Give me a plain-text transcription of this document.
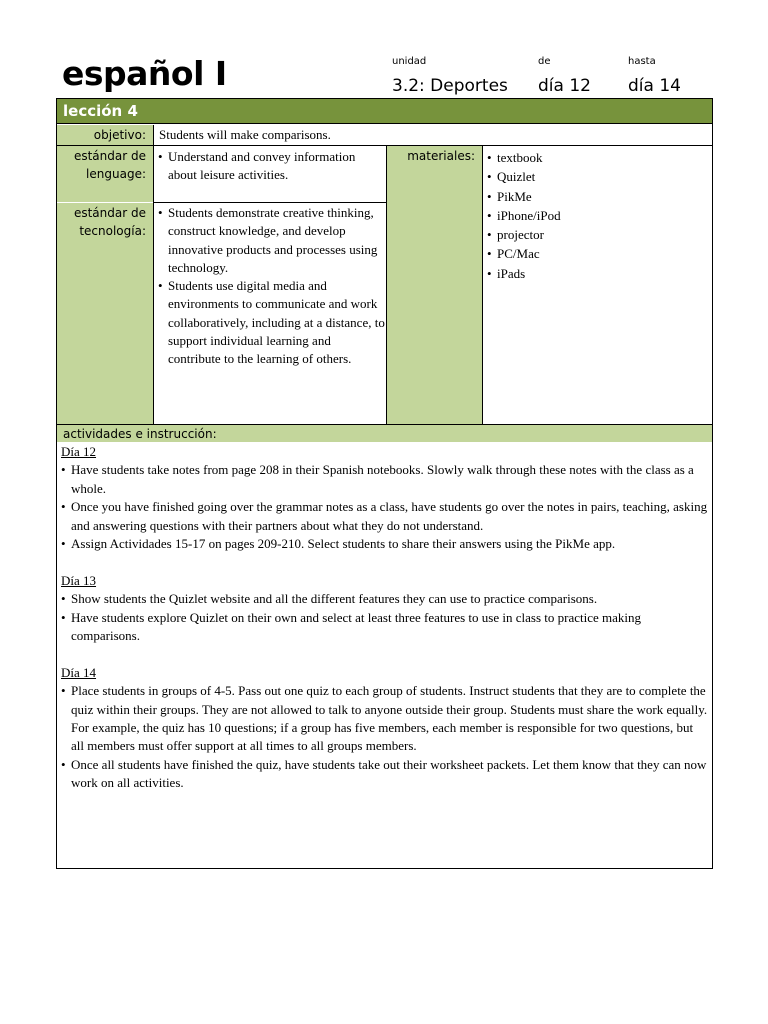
español I	unidad
3.2: Deportes
de
día 12
hasta
día 14
lección 4
objetivo:	Students will make comparisons.
estándar de
lenguage:
estándar de
tecnología:
• Understand and convey information about leisure activities.
• Students demonstrate creative thinking, construct knowledge, and develop innovative products and processes using technology.
• Students use digital media and environments to communicate and work collaboratively, including at a distance, to support individual learning and contribute to the learning of others.
materiales:
•	textbook
• Quizlet
• PikMe
• iPhone/iPod
• projector
• PC/Mac
• iPads
actividades e instrucción:
Día 12
• Have students take notes from page 208 in their Spanish notebooks. Slowly walk through these notes with the class as a whole.
• Once you have finished going over the grammar notes as a class, have students go over the notes in pairs, teaching, asking and answering questions with their partners about what they do not understand.
• Assign Actividades 15-17 on pages 209-210. Select students to share their answers using the PikMe app.
Día 13
• Show students the Quizlet website and all the different features they can use to practice comparisons.
• Have students explore Quizlet on their own and select at least three features to use in class to practice making comparisons.
Día 14
• Place students in groups of 4-5. Pass out one quiz to each group of students. Instruct students that they are to complete the quiz within their groups. They are not allowed to talk to anyone outside their group. Students must share the work equally. For example, the quiz has 10 questions; if a group has five members, each member is responsible for two questions, but all members must offer support at all times to all groups members.
• Once all students have finished the quiz, have students take out their worksheet packets. Let them know that they can now work on all activities.
